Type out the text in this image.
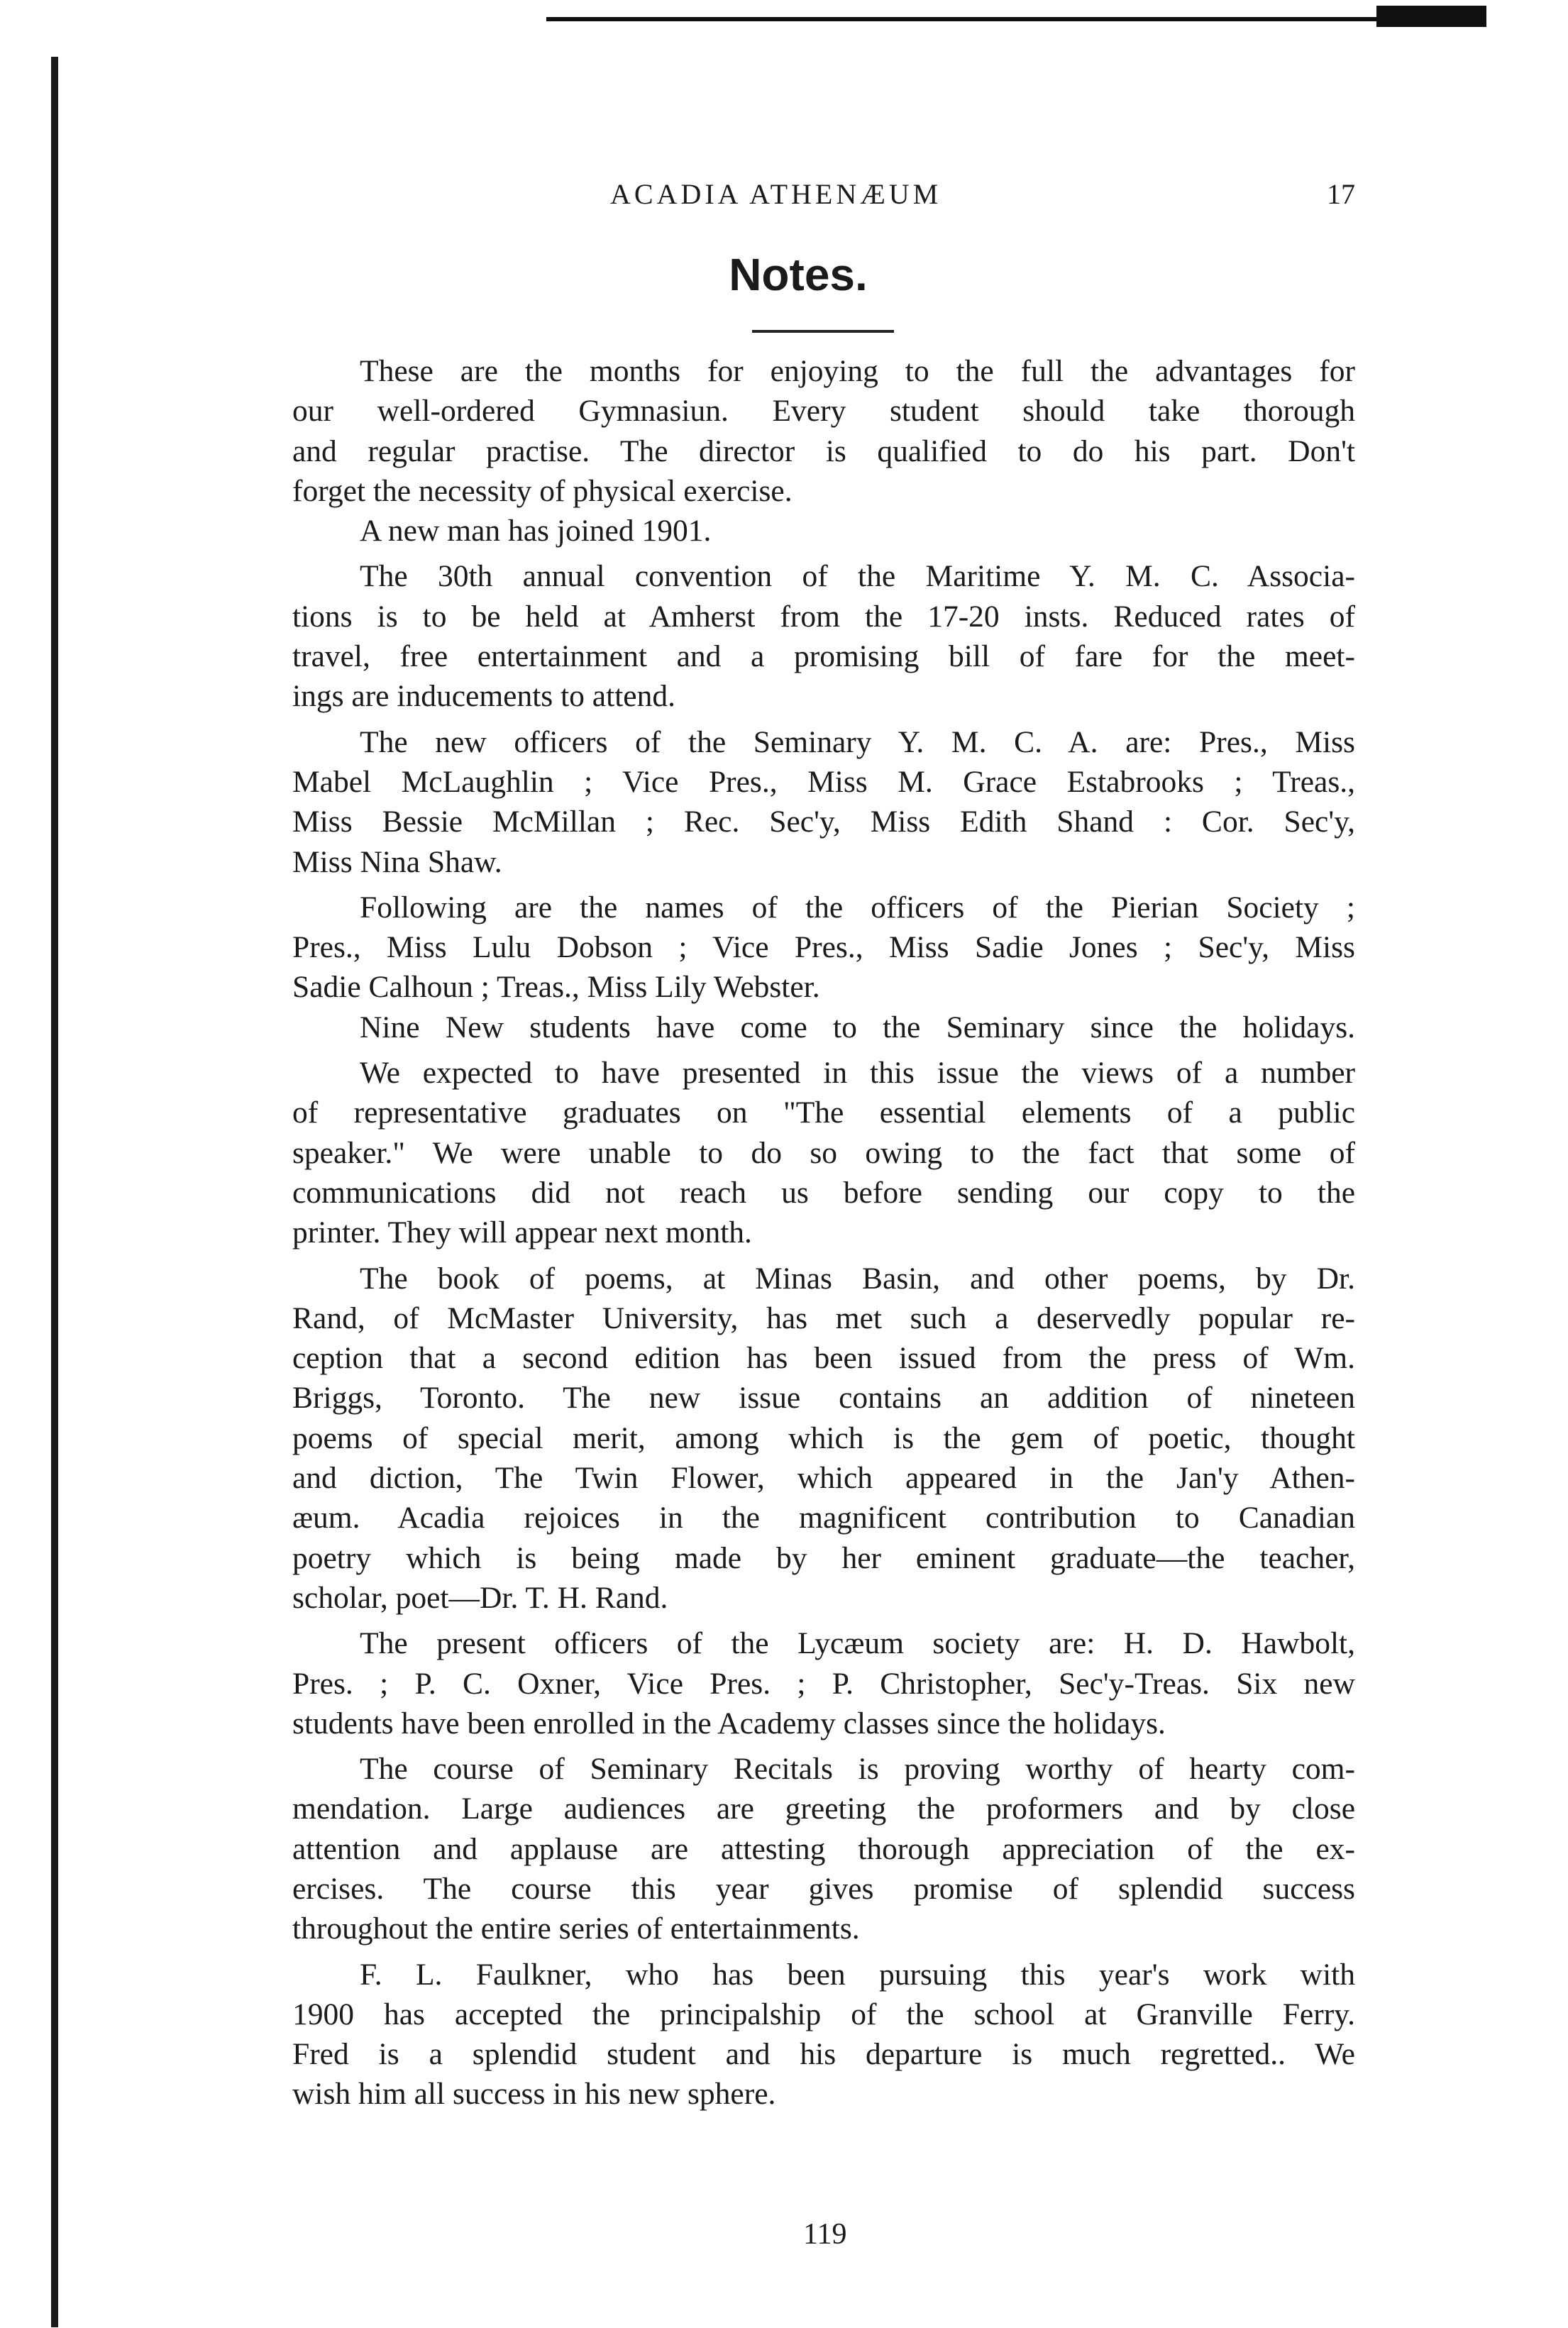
ACADIA ATHENÆUM	17
Notes.
These are the months for enjoying to the full the advantages for
our well-ordered Gymnasiun. Every student should take thorough
and regular practise. The director is qualified to do his part. Don't
forget the necessity of physical exercise.
A new man has joined 1901.
The 30th annual convention of the Maritime Y. M. C. Associa-
tions is to be held at Amherst from the 17-20 insts. Reduced rates of
travel, free entertainment and a promising bill of fare for the meet-
ings are inducements to attend.
The new officers of the Seminary Y. M. C. A. are: Pres., Miss
Mabel McLaughlin ; Vice Pres., Miss M. Grace Estabrooks ; Treas.,
Miss Bessie McMillan ; Rec. Sec'y, Miss Edith Shand : Cor. Sec'y,
Miss Nina Shaw.
Following are the names of the officers of the Pierian Society ;
Pres., Miss Lulu Dobson ; Vice Pres., Miss Sadie Jones ; Sec'y, Miss
Sadie Calhoun ; Treas., Miss Lily Webster.
Nine New students have come to the Seminary since the holidays.
We expected to have presented in this issue the views of a number
of representative graduates on "The essential elements of a public
speaker." We were unable to do so owing to the fact that some of
communications did not reach us before sending our copy to the
printer. They will appear next month.
The book of poems, at Minas Basin, and other poems, by Dr.
Rand, of McMaster University, has met such a deservedly popular re-
ception that a second edition has been issued from the press of Wm.
Briggs, Toronto. The new issue contains an addition of nineteen
poems of special merit, among which is the gem of poetic, thought
and diction, The Twin Flower, which appeared in the Jan'y Athen-
æum. Acadia rejoices in the magnificent contribution to Canadian
poetry which is being made by her eminent graduate—the teacher,
scholar, poet—Dr. T. H. Rand.
The present officers of the Lycæum society are: H. D. Hawbolt,
Pres. ; P. C. Oxner, Vice Pres. ; P. Christopher, Sec'y-Treas. Six new
students have been enrolled in the Academy classes since the holidays.
The course of Seminary Recitals is proving worthy of hearty com-
mendation. Large audiences are greeting the proformers and by close
attention and applause are attesting thorough appreciation of the ex-
ercises. The course this year gives promise of splendid success
throughout the entire series of entertainments.
F. L. Faulkner, who has been pursuing this year's work with
1900 has accepted the principalship of the school at Granville Ferry.
Fred is a splendid student and his departure is much regretted.. We
wish him all success in his new sphere.
119
